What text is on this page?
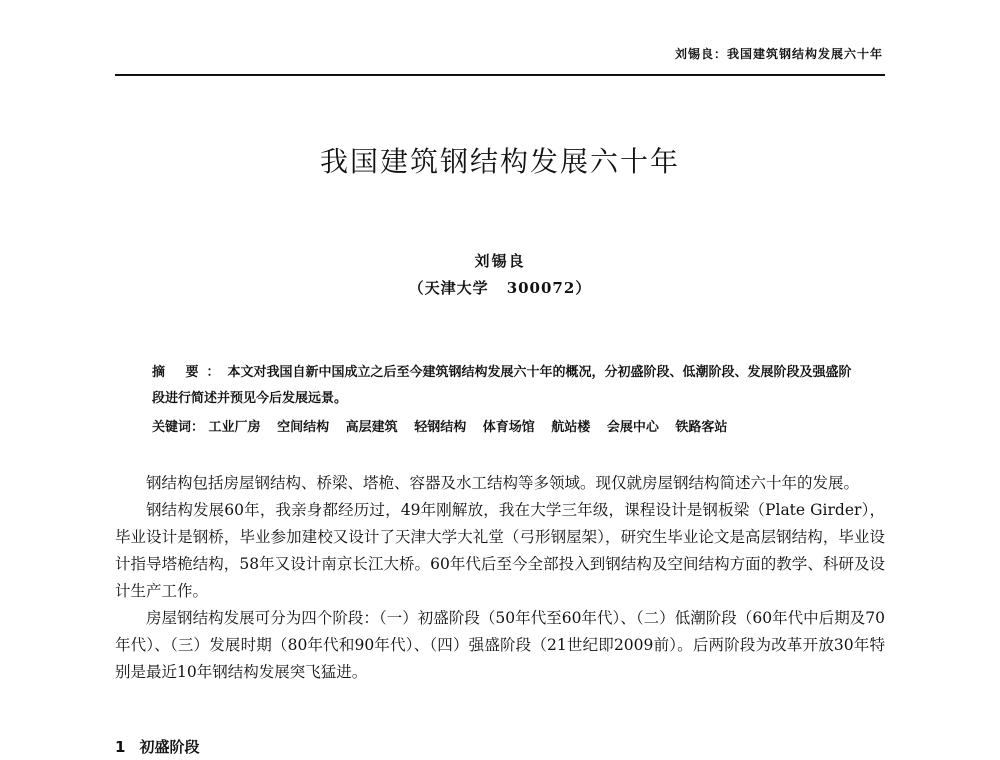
刘锡良：我国建筑钢结构发展六十年
我国建筑钢结构发展六十年
刘锡良
（天津大学 300072）
摘 要：本文对我国自新中国成立之后至今建筑钢结构发展六十年的概况，分初盛阶段、低潮阶段、发展阶段及强盛阶段进行简述并预见今后发展远景。
关键词： 工业厂房 空间结构 高层建筑 轻钢结构 体育场馆 航站楼 会展中心 铁路客站

钢结构包括房屋钢结构、桥梁、塔桅、容器及水工结构等多领域。现仅就房屋钢结构简述六十年的发展。

钢结构发展60年，我亲身都经历过，49年刚解放，我在大学三年级，课程设计是钢板梁（Plate Girder），毕业设计是钢桥，毕业参加建校又设计了天津大学大礼堂（弓形钢屋架），研究生毕业论文是高层钢结构，毕业设计指导塔桅结构，58年又设计南京长江大桥。60年代后至今全部投入到钢结构及空间结构方面的教学、科研及设计生产工作。

房屋钢结构发展可分为四个阶段：（一）初盛阶段（50年代至60年代）、（二）低潮阶段（60年代中后期及70年代）、（三）发展时期（80年代和90年代）、（四）强盛阶段（21世纪即2009前）。后两阶段为改革开放30年特别是最近10年钢结构发展突飞猛进。

1 初盛阶段
